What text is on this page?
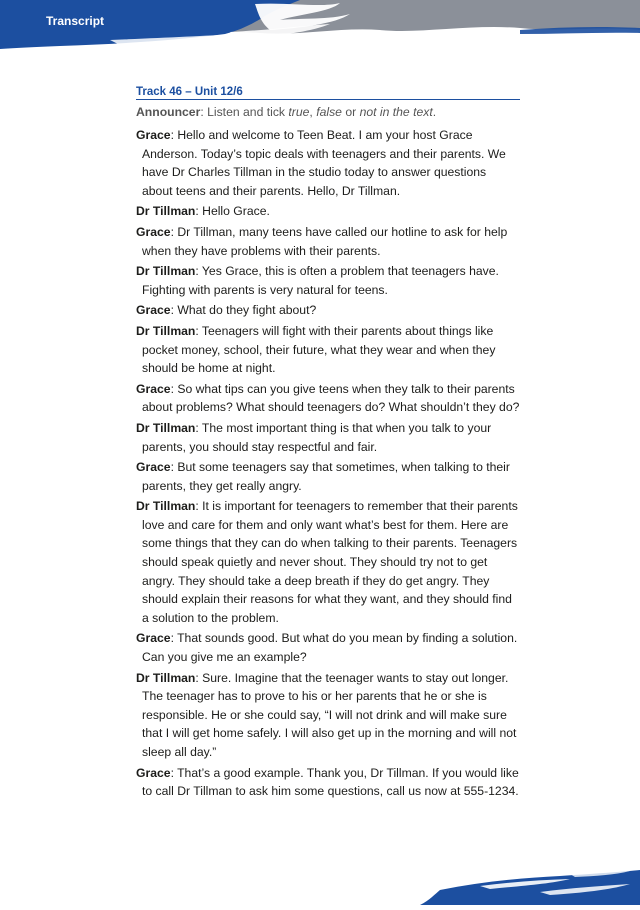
Transcript
Track 46 – Unit 12/6
Announcer: Listen and tick true, false or not in the text.
Grace: Hello and welcome to Teen Beat. I am your host Grace Anderson. Today’s topic deals with teenagers and their parents. We have Dr Charles Tillman in the studio today to answer questions about teens and their parents. Hello, Dr Tillman.
Dr Tillman: Hello Grace.
Grace: Dr Tillman, many teens have called our hotline to ask for help when they have problems with their parents.
Dr Tillman: Yes Grace, this is often a problem that teenagers have. Fighting with parents is very natural for teens.
Grace: What do they fight about?
Dr Tillman: Teenagers will fight with their parents about things like pocket money, school, their future, what they wear and when they should be home at night.
Grace: So what tips can you give teens when they talk to their parents about problems? What should teenagers do? What shouldn’t they do?
Dr Tillman: The most important thing is that when you talk to your parents, you should stay respectful and fair.
Grace: But some teenagers say that sometimes, when talking to their parents, they get really angry.
Dr Tillman: It is important for teenagers to remember that their parents love and care for them and only want what’s best for them. Here are some things that they can do when talking to their parents. Teenagers should speak quietly and never shout. They should try not to get angry. They should take a deep breath if they do get angry. They should explain their reasons for what they want, and they should find a solution to the problem.
Grace: That sounds good. But what do you mean by finding a solution. Can you give me an example?
Dr Tillman: Sure. Imagine that the teenager wants to stay out longer. The teenager has to prove to his or her parents that he or she is responsible. He or she could say, “I will not drink and will make sure that I will get home safely. I will also get up in the morning and will not sleep all day.”
Grace: That’s a good example. Thank you, Dr Tillman. If you would like to call Dr Tillman to ask him some questions, call us now at 555-1234.
